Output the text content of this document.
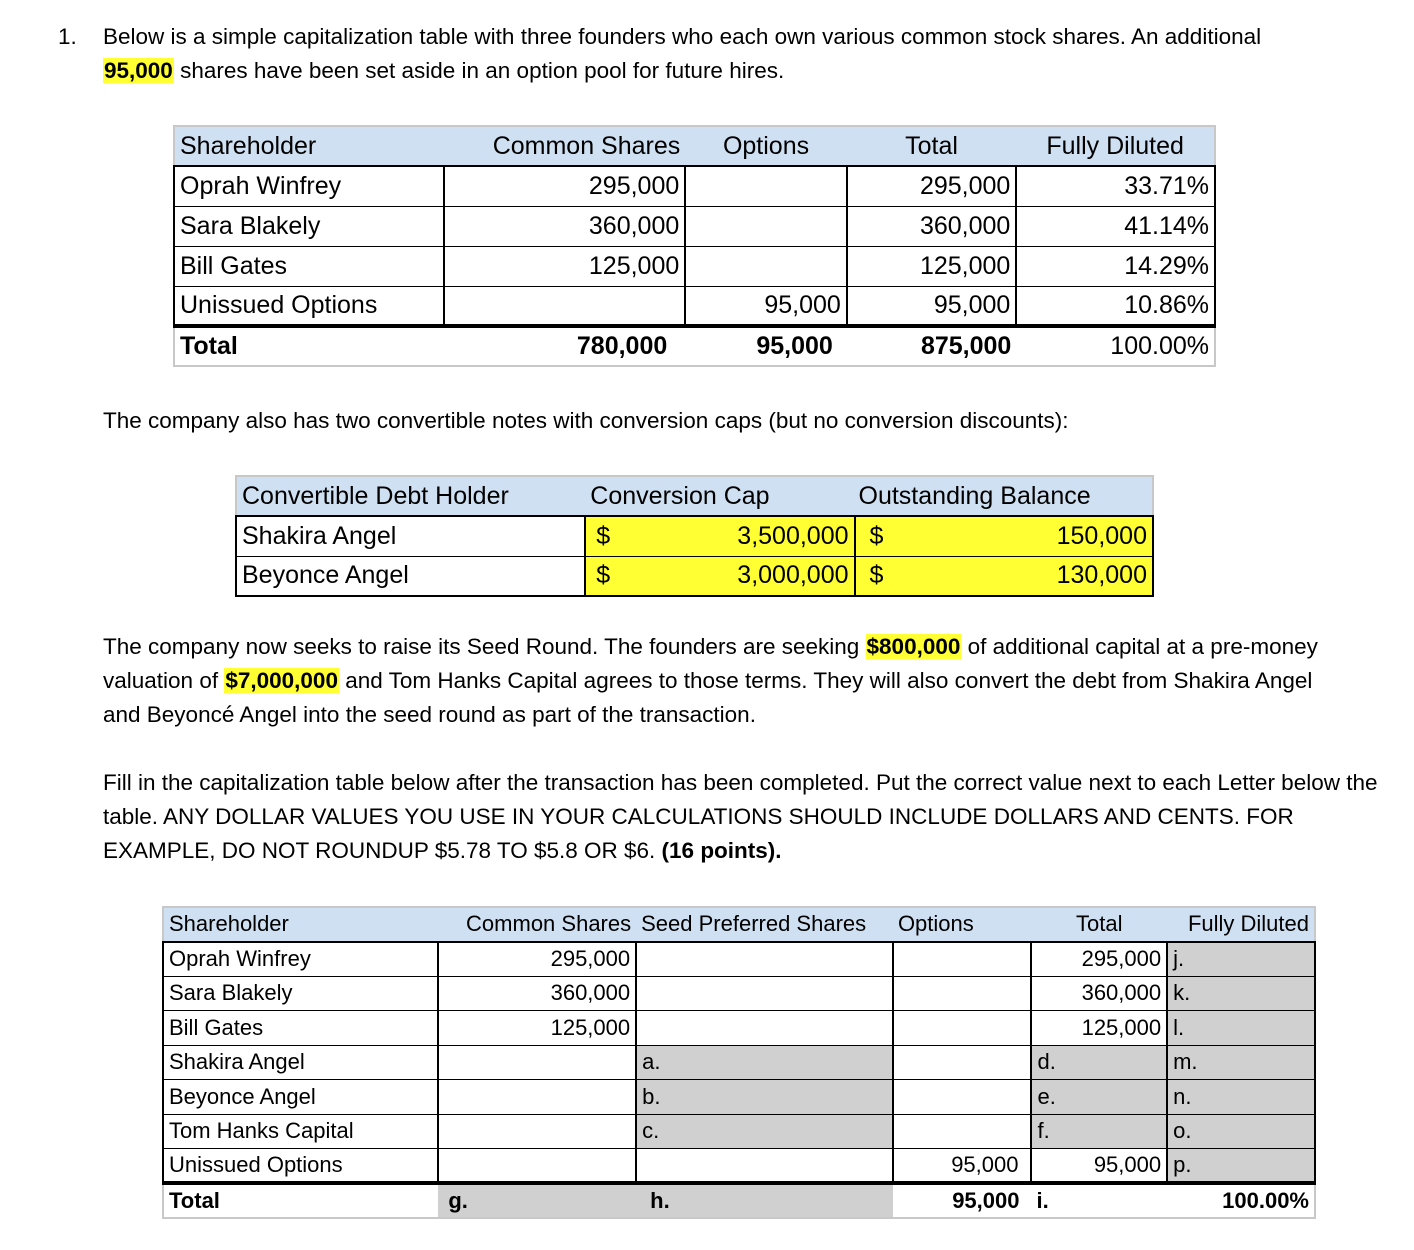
1. Below is a simple capitalization table with three founders who each own various common stock shares. An additional 95,000 shares have been set aside in an option pool for future hires.

Shareholder	Common Shares	Options	Total	Fully Diluted
Oprah Winfrey	295,000		295,000	33.71%
Sara Blakely	360,000		360,000	41.14%
Bill Gates	125,000		125,000	14.29%
Unissued Options		95,000	95,000	10.86%
Total	780,000	95,000	875,000	100.00%

The company also has two convertible notes with conversion caps (but no conversion discounts):

Convertible Debt Holder	Conversion Cap		Outstanding Balance	
Shakira Angel	$	3,500,000	$	150,000
Beyonce Angel	$	3,000,000	$	130,000

The company now seeks to raise its Seed Round. The founders are seeking $800,000 of additional capital at a pre-money valuation of $7,000,000 and Tom Hanks Capital agrees to those terms. They will also convert the debt from Shakira Angel and Beyoncé Angel into the seed round as part of the transaction.

Fill in the capitalization table below after the transaction has been completed. Put the correct value next to each Letter below the table. ANY DOLLAR VALUES YOU USE IN YOUR CALCULATIONS SHOULD INCLUDE DOLLARS AND CENTS. FOR EXAMPLE, DO NOT ROUNDUP $5.78 TO $5.8 OR $6. (16 points).

Shareholder	Common Shares	Seed Preferred Shares	Options	Total	Fully Diluted
Oprah Winfrey	295,000			295,000	j.
Sara Blakely	360,000			360,000	k.
Bill Gates	125,000			125,000	l.
Shakira Angel		a.		d.	m.
Beyonce Angel		b.		e.	n.
Tom Hanks Capital		c.		f.	o.
Unissued Options			95,000	95,000	p.
Total	g.	h.	95,000	i.	100.00%
